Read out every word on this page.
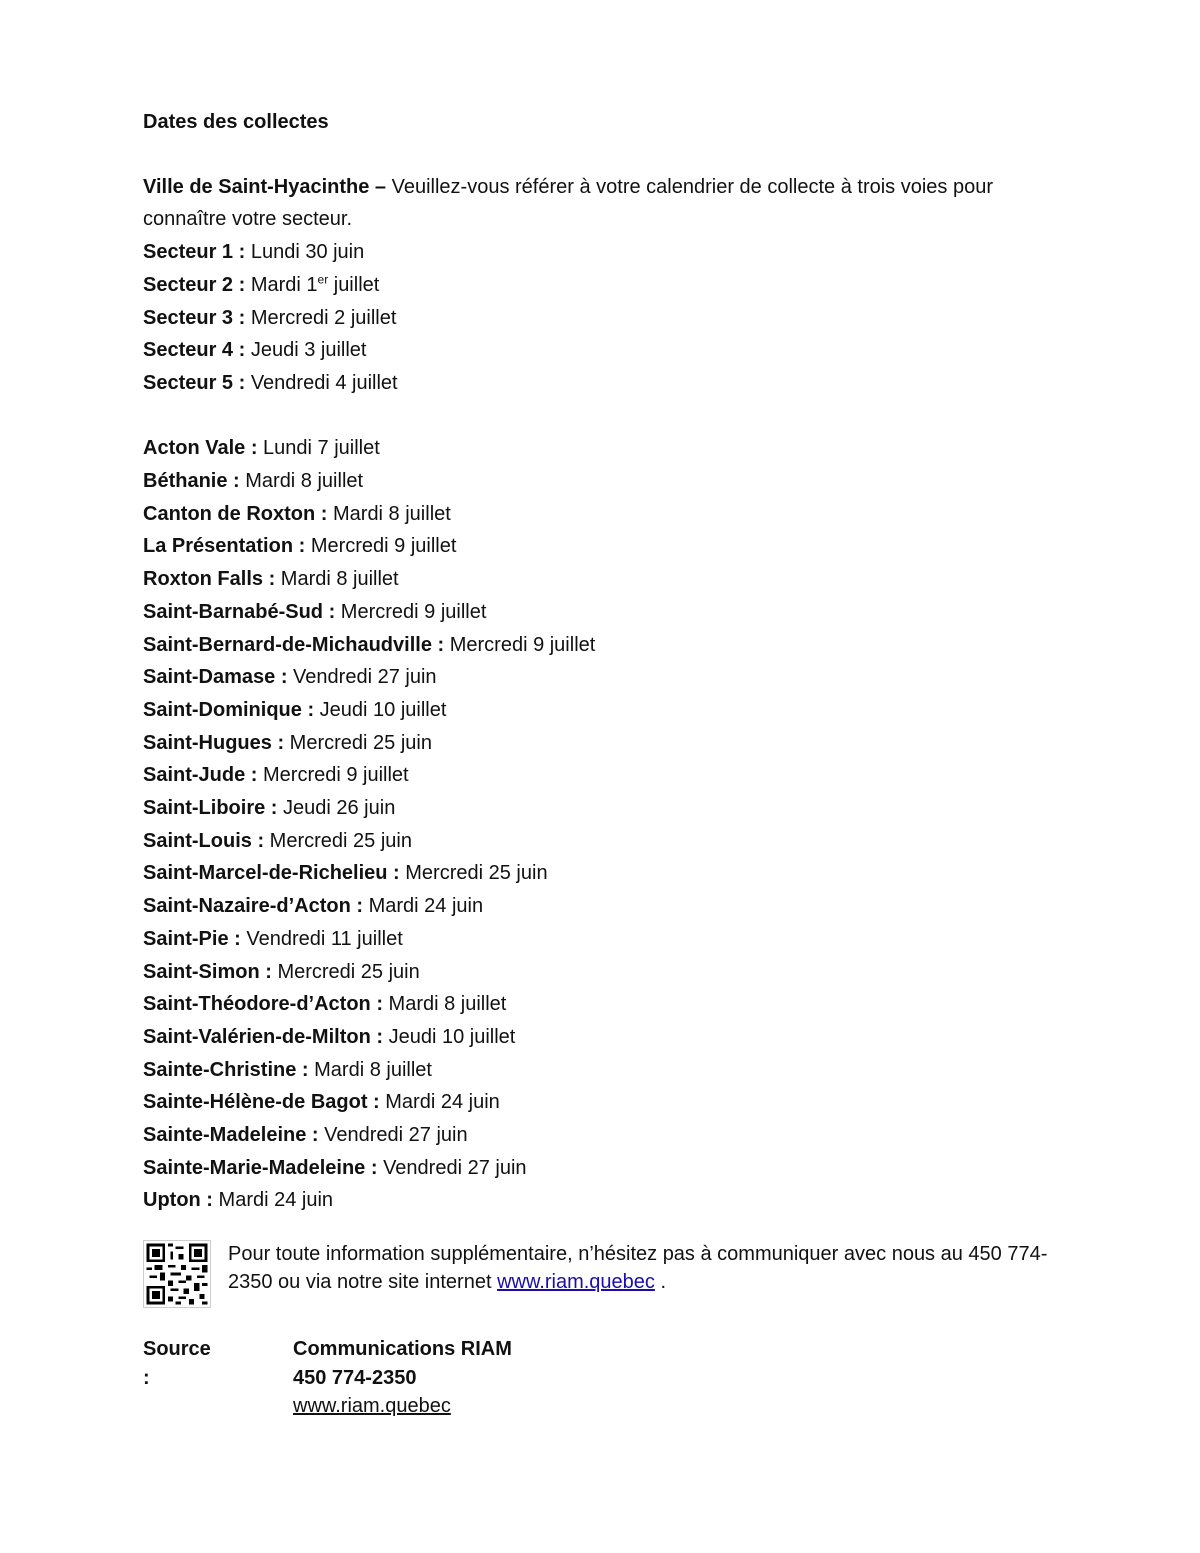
Dates des collectes
Ville de Saint-Hyacinthe – Veuillez-vous référer à votre calendrier de collecte à trois voies pour connaître votre secteur.
Secteur 1 : Lundi 30 juin
Secteur 2 : Mardi 1er juillet
Secteur 3 : Mercredi 2 juillet
Secteur 4 : Jeudi 3 juillet
Secteur 5 : Vendredi 4 juillet
Acton Vale : Lundi 7 juillet
Béthanie : Mardi 8 juillet
Canton de Roxton : Mardi 8 juillet
La Présentation : Mercredi 9 juillet
Roxton Falls : Mardi 8 juillet
Saint-Barnabé-Sud : Mercredi 9 juillet
Saint-Bernard-de-Michaudville : Mercredi 9 juillet
Saint-Damase : Vendredi 27 juin
Saint-Dominique : Jeudi 10 juillet
Saint-Hugues : Mercredi 25 juin
Saint-Jude : Mercredi 9 juillet
Saint-Liboire : Jeudi 26 juin
Saint-Louis : Mercredi 25 juin
Saint-Marcel-de-Richelieu : Mercredi 25 juin
Saint-Nazaire-d’Acton : Mardi 24 juin
Saint-Pie : Vendredi 11 juillet
Saint-Simon : Mercredi 25 juin
Saint-Théodore-d’Acton : Mardi 8 juillet
Saint-Valérien-de-Milton : Jeudi 10 juillet
Sainte-Christine : Mardi 8 juillet
Sainte-Hélène-de Bagot : Mardi 24 juin
Sainte-Madeleine : Vendredi 27 juin
Sainte-Marie-Madeleine : Vendredi 27 juin
Upton : Mardi 24 juin
Pour toute information supplémentaire, n’hésitez pas à communiquer avec nous au 450 774-2350 ou via notre site internet www.riam.quebec .
Source :
Communications RIAM
450 774-2350
www.riam.quebec
